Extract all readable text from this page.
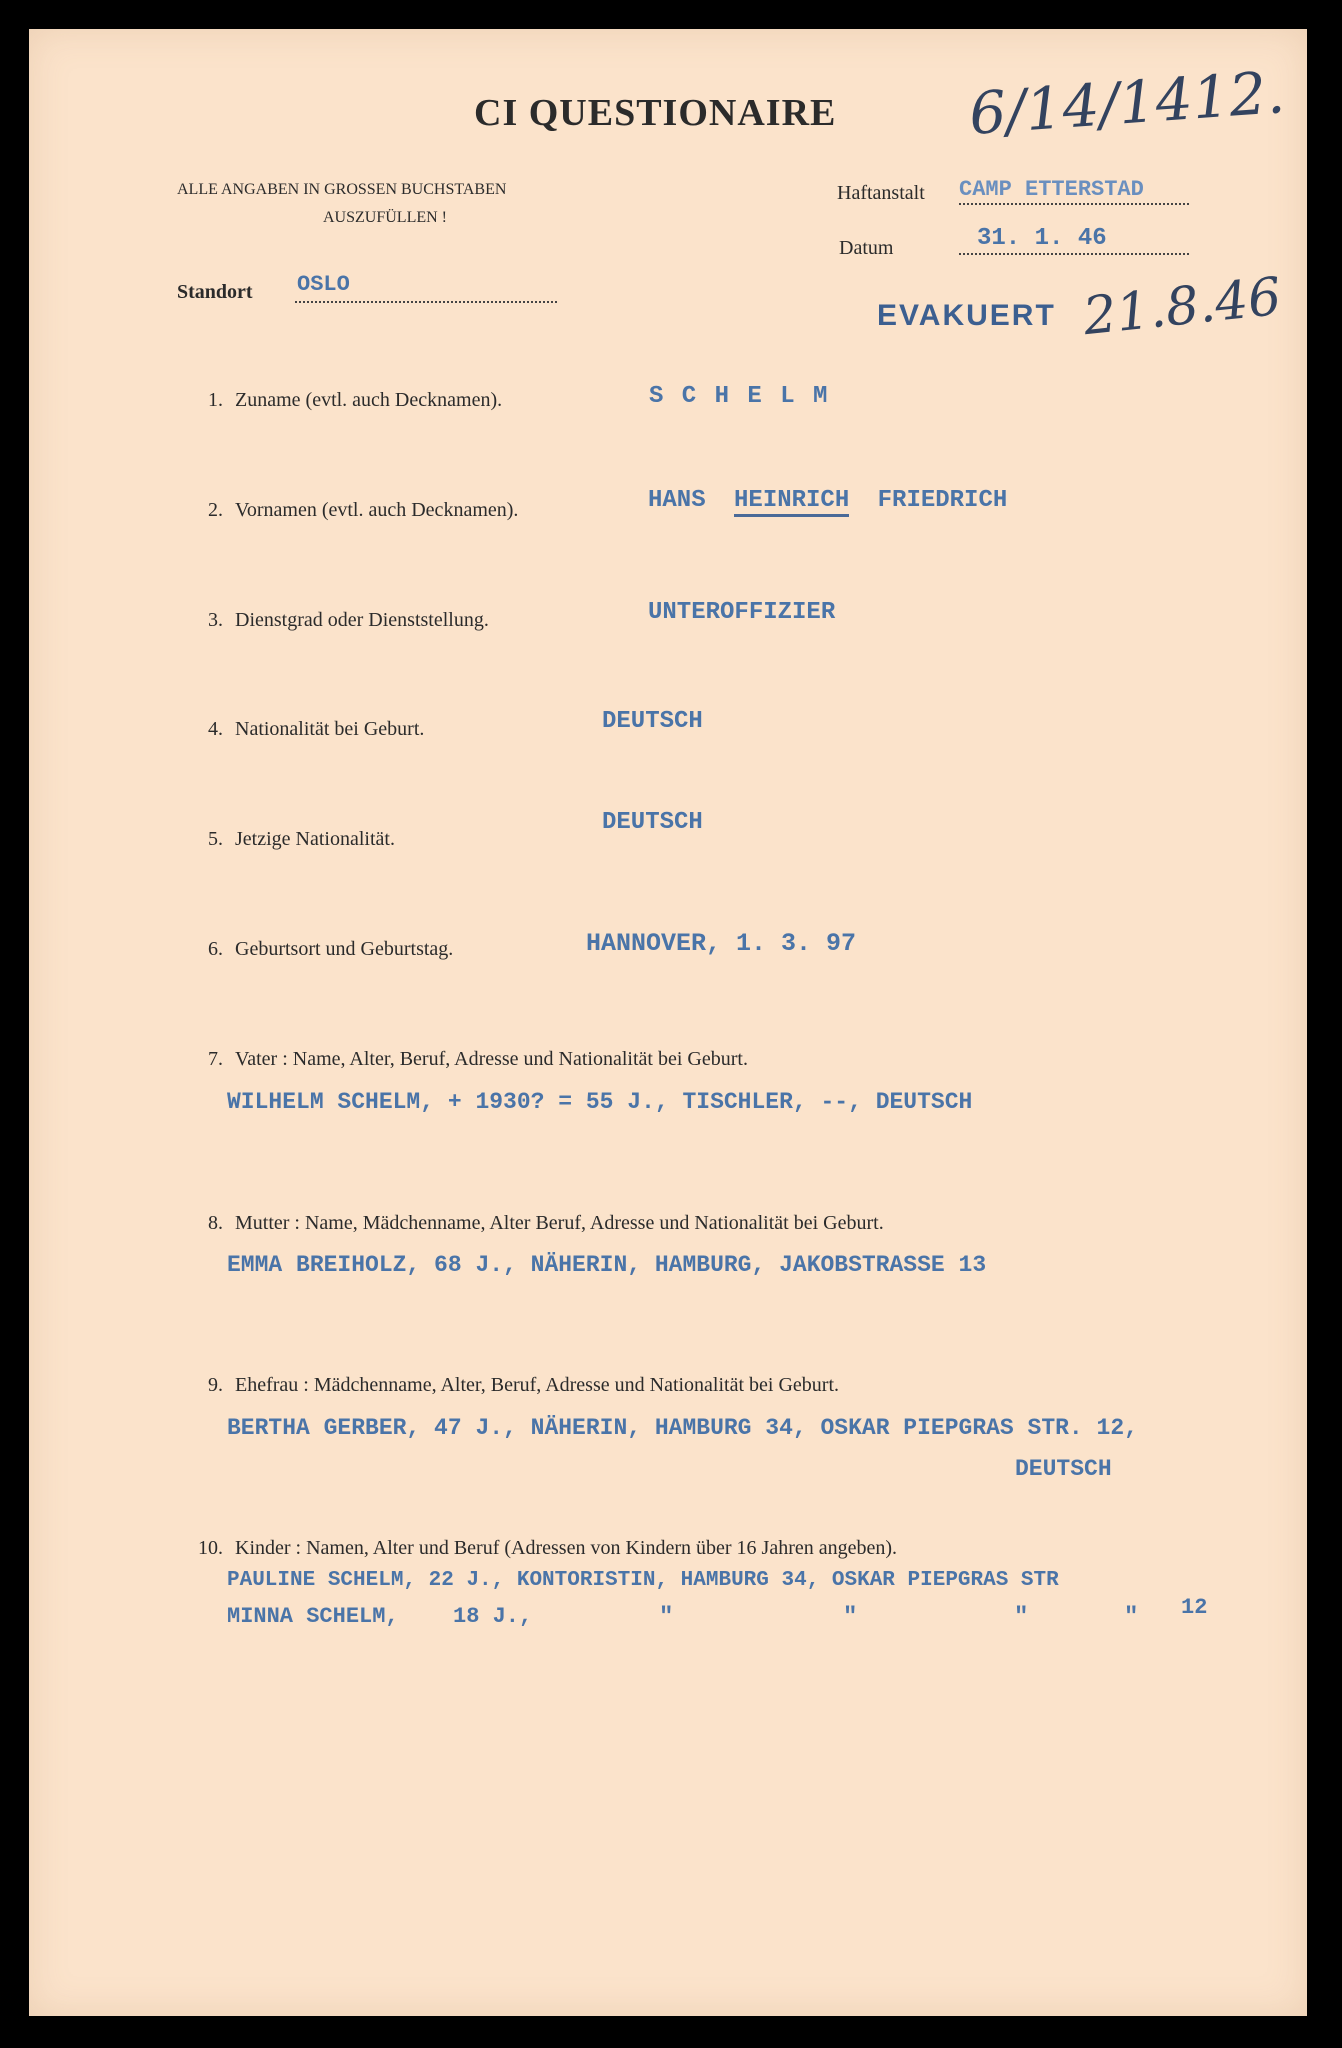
CI QUESTIONAIRE 6/14/1412.
ALLE ANGABEN IN GROSSEN BUCHSTABEN
AUSZUFÜLLEN !
Haftanstalt CAMP ETTERSTAD
Datum	31. 1. 46
Standort OSLO
EVAKUERT 21.8.46
1. Zuname (evtl. auch Decknamen).	S C H E L M
2. Vornamen (evtl. auch Decknamen).	HANS HEINRICH FRIEDRICH
3. Dienstgrad oder Dienststellung.	UNTEROFFIZIER
4. Nationalität bei Geburt.	DEUTSCH
5. Jetzige Nationalität.
DEUTSCH
6. Geburtsort und Geburtstag.	HANNOVER, 1. 3. 97
7. Vater : Name, Alter, Beruf, Adresse und Nationalität bei Geburt.
WILHELM SCHELM, + 1930? = 55 J., TISCHLER, --, DEUTSCH
8. Mutter : Name, Mädchenname, Alter Beruf, Adresse und Nationalität bei Geburt.
EMMA BREIHOLZ, 68 J., NÄHERIN, HAMBURG, JAKOBSTRASSE 13
9. Ehefrau : Mädchenname, Alter, Beruf, Adresse und Nationalität bei Geburt.
BERTHA GERBER, 47 J., NÄHERIN, HAMBURG 34, OSKAR PIEPGRAS STR. 12,
DEUTSCH
10. Kinder : Namen, Alter und Beruf (Adressen von Kindern über 16 Jahren angeben).
PAULINE SCHELM, 22 J., KONTORISTIN, HAMBURG 34, OSKAR PIEPGRAS STR
MINNA SCHELM, 18 J.,	"	"	"	" 12
